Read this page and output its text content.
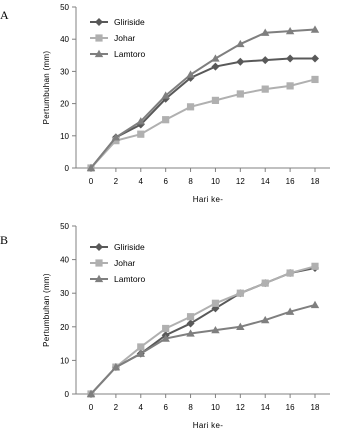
A
0
10
20
30
40
50
0	2	4	6	8 10 12 14 16 18
Hari ke-
Pertumbuhan (mm)
Gliriside
Johar
Lamtoro
B
0
10
20
30
40
50
0	2	4	6	8 10 12 14 16 18
Hari ke-
Pertumbuhan (mm)
Gliriside
Johar
Lamtoro
